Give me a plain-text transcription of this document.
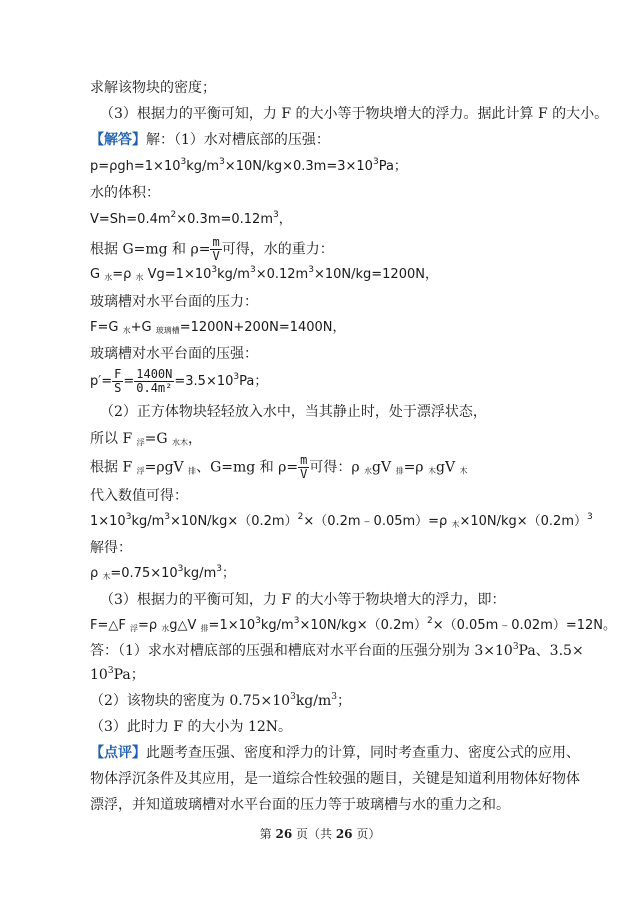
求解该物块的密度；
（3）根据力的平衡可知，力 F 的大小等于物块增大的浮力。据此计算 F 的大小。
【解答】解：（1）水对槽底部的压强：
$p=\rho gh=1\times 10^3kg/m^3\times 10N/kg\times 0.3m=3\times 10^3Pa$；
水的体积：
$V=Sh=0.4m^2\times 0.3m=0.12m^3$，
根据 G=mg 和 $\rho= \frac{m}{V}$ 可得，水的重力：
G $_水$=ρ $_水$ $Vg=1\times 10^3kg/m^3\times 0.12m^3\times 10N/kg=1200N$，
玻璃槽对水平台面的压力：
F=G $_水$+G $_{玻璃槽}$=1200N+200N=1400N，
玻璃槽对水平台面的压强：
$p'= \frac{F}{S} = \frac{1400N}{\text{0.4m²}} =3.5\times 10^3Pa$；
（2）正方体物块轻轻放入水中，当其静止时，处于漂浮状态，
所以 F $_浮$=G $_{水木}$，
根据 F $_浮$=ρgV $_排$、G=mg 和 $\rho= \frac{m}{V}$ 可得：ρ $_水$gV $_排$=ρ $_木$gV $_木$
代入数值可得：
$1\times 10^3kg/m^3\times 10N/kg\times(0.2m)^2\times(0.2m﹣0.05m)=\rho$ $_木\times 10N/kg\times(0.2m)^3$
解得：
ρ $_木=0.75\times 10^3kg/m^3$；
（3）根据力的平衡可知，力 F 的大小等于物块增大的浮力，即：
F=△F $_浮$=ρ $_水$g△V $_排=1\times 10^3kg/m^3\times 10N/kg\times(0.2m)^2\times(0.05m﹣0.02m)=12N$。
答：（1）求水对槽底部的压强和槽底对水平台面的压强分别为 $3\times 10^3Pa$、3.5×
$10^3Pa$；
（2）该物块的密度为 $0.75\times 10^3kg/m^3$；
（3）此时力 F 的大小为 12N。
【点评】此题考查压强、密度和浮力的计算，同时考查重力、密度公式的应用、
物体浮沉条件及其应用，是一道综合性较强的题目，关键是知道利用物体好物体
漂浮，并知道玻璃槽对水平台面的压力等于玻璃槽与水的重力之和。
第 26 页（共 26 页）
